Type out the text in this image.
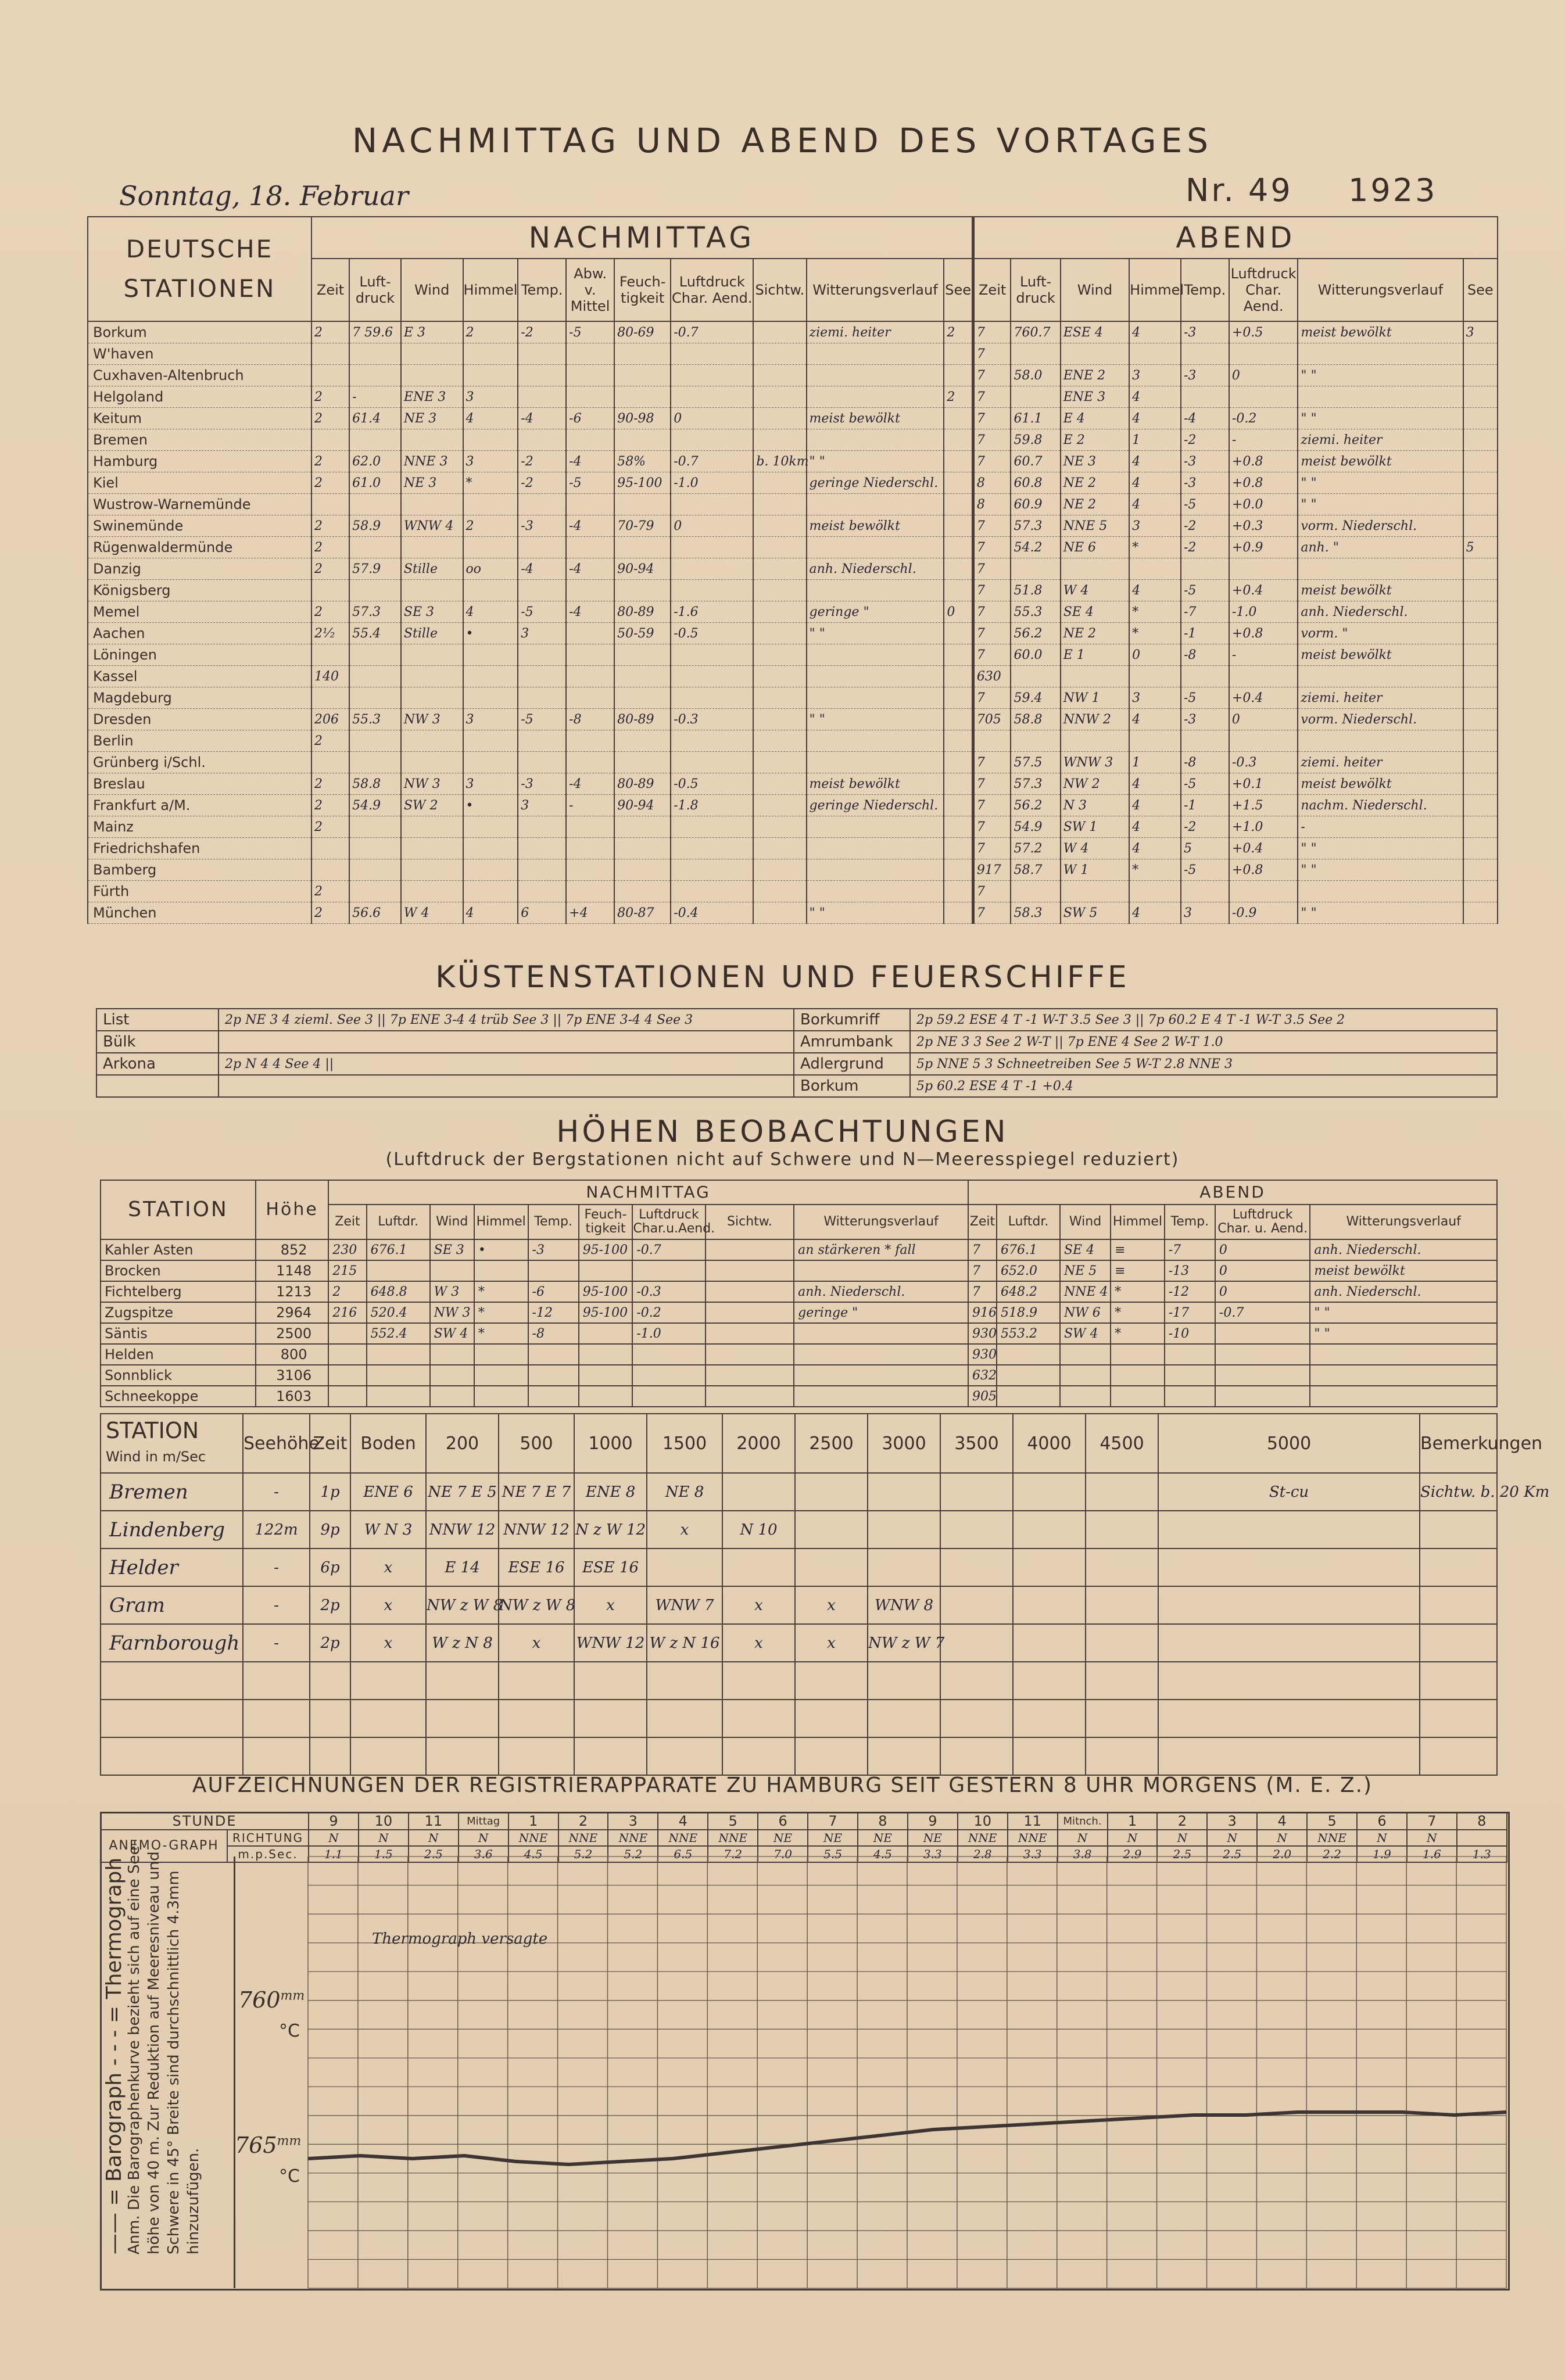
NACHMITTAG UND ABEND DES VORTAGES
Sonntag, 18. Februar	Nr. 49 1923
DEUTSCHE
STATIONEN	NACHMITTAG											ABEND							
	Zeit	Luft-druck	Wind	Himmel	Temp.	Abw. v. Mittel	Feuch-tigkeit	Luftdruck Char. Aend.	Sichtw.	Witterungsverlauf	See	Zeit	Luft-druck	Wind	Himmel	Temp.	Luftdruck Char. Aend.	Witterungsverlauf	See
Borkum	2	7 59.6	E 3	2	-2	-5	80-69	-0.7		ziemi. heiter	2	7	760.7	ESE 4	4	-3	+0.5	meist bewölkt	3
W'haven												7							
Cuxhaven-Altenbruch												7	58.0	ENE 2	3	-3	0	" "	
Helgoland	2	-	ENE 3	3							2	7		ENE 3	4				
Keitum	2	61.4	NE 3	4	-4	-6	90-98	0		meist bewölkt		7	61.1	E 4	4	-4	-0.2	" "	
Bremen												7	59.8	E 2	1	-2	-	ziemi. heiter	
Hamburg	2	62.0	NNE 3	3	-2	-4	58%	-0.7	b. 10km	" "		7	60.7	NE 3	4	-3	+0.8	meist bewölkt	
Kiel	2	61.0	NE 3	*	-2	-5	95-100	-1.0		geringe Niederschl.		8	60.8	NE 2	4	-3	+0.8	" "	
Wustrow-Warnemünde												8	60.9	NE 2	4	-5	+0.0	" "	
Swinemünde	2	58.9	WNW 4	2	-3	-4	70-79	0		meist bewölkt		7	57.3	NNE 5	3	-2	+0.3	vorm. Niederschl.	
Rügenwaldermünde	2											7	54.2	NE 6	*	-2	+0.9	anh. "	5
Danzig	2	57.9	Stille	oo	-4	-4	90-94			anh. Niederschl.		7							
Königsberg												7	51.8	W 4	4	-5	+0.4	meist bewölkt	
Memel	2	57.3	SE 3	4	-5	-4	80-89	-1.6		geringe "	0	7	55.3	SE 4	*	-7	-1.0	anh. Niederschl.	
Aachen	2¹⁄₂	55.4	Stille	•	3		50-59	-0.5		" "		7	56.2	NE 2	*	-1	+0.8	vorm. "	
Löningen												7	60.0	E 1	0	-8	-	meist bewölkt	
Kassel	140											630							
Magdeburg												7	59.4	NW 1	3	-5	+0.4	ziemi. heiter	
Dresden	206	55.3	NW 3	3	-5	-8	80-89	-0.3		" "		705	58.8	NNW 2	4	-3	0	vorm. Niederschl.	
Berlin	2																		
Grünberg i/Schl.												7	57.5	WNW 3	1	-8	-0.3	ziemi. heiter	
Breslau	2	58.8	NW 3	3	-3	-4	80-89	-0.5		meist bewölkt		7	57.3	NW 2	4	-5	+0.1	meist bewölkt	
Frankfurt a/M.	2	54.9	SW 2	•	3	-	90-94	-1.8		geringe Niederschl.		7	56.2	N 3	4	-1	+1.5	nachm. Niederschl.	
Mainz	2											7	54.9	SW 1	4	-2	+1.0	-	
Friedrichshafen												7	57.2	W 4	4	5	+0.4	" "	
Bamberg												917	58.7	W 1	*	-5	+0.8	" "	
Fürth	2											7							
München	2	56.6	W 4	4	6	+4	80-87	-0.4		" "		7	58.3	SW 5	4	3	-0.9	" "	
KÜSTENSTATIONEN UND FEUERSCHIFFE
List	2p NE 3 4 zieml. See 3 || 7p ENE 3-4 4 trüb See 3 || 7p ENE 3-4 4 See 3	Borkumriff	2p 59.2 ESE 4 T -1 W-T 3.5 See 3 || 7p 60.2 E 4 T -1 W-T 3.5 See 2
Bülk		Amrumbank	2p NE 3 3 See 2 W-T || 7p ENE 4 See 2 W-T 1.0
Arkona	2p N 4 4 See 4 ||	Adlergrund	5p NNE 5 3 Schneetreiben See 5 W-T 2.8 NNE 3
		Borkum	5p 60.2 ESE 4 T -1 +0.4
HÖHEN BEOBACHTUNGEN
(Luftdruck der Bergstationen nicht auf Schwere und N—Meeresspiegel reduziert)
STATION	Höhe	NACHMITTAG									ABEND						
		Zeit	Luftdr.	Wind	Himmel	Temp.	Feuch-tigkeit	Luftdruck Char.u.Aend.	Sichtw.	Witterungsverlauf	Zeit	Luftdr.	Wind	Himmel	Temp.	Luftdruck Char. u. Aend.	Witterungsverlauf
Kahler Asten	852	230	676.1	SE 3	•	-3	95-100	-0.7		an stärkeren * fall	7	676.1	SE 4	≡	-7	0	anh. Niederschl.
Brocken	1148	215									7	652.0	NE 5	≡	-13	0	meist bewölkt
Fichtelberg	1213	2	648.8	W 3	*	-6	95-100	-0.3		anh. Niederschl.	7	648.2	NNE 4	*	-12	0	anh. Niederschl.
Zugspitze	2964	216	520.4	NW 3	*	-12	95-100	-0.2		geringe "	916	518.9	NW 6	*	-17	-0.7	" "
Säntis	2500		552.4	SW 4	*	-8		-1.0			930	553.2	SW 4	*	-10		" "
Helden	800										930						
Sonnblick	3106										632						
Schneekoppe	1603										905						
STATION
Wind in m/Sec	Seehöhe	Zeit	Boden	200	500	1000	1500	2000	2500	3000	3500	4000	4500	5000	Bemerkungen
Bremen	-	1p	ENE 6	NE 7 E 5	NE 7 E 7	ENE 8	NE 8							St-cu	Sichtw. b. 20 Km
Lindenberg	122m	9p	W N 3	NNW 12	NNW 12	N z W 12	x	N 10							
Helder	-	6p	x	E 14	ESE 16	ESE 16									
Gram	-	2p	x	NW z W 8	NW z W 8	x	WNW 7	x	x	WNW 8					
Farnborough	-	2p	x	W z N 8	x	WNW 12	W z N 16	x	x	NW z W 7					

AUFZEICHNUNGEN DER REGISTRIERAPPARATE ZU HAMBURG SEIT GESTERN 8 UHR MORGENS (M. E. Z.)
STUNDE		9	10	11	Mittag	1	2	3	4	5	6	7	8	9	10	11	Mitnch.	1	2	3	4	5	6	7	8
ANEMO-GRAPH	RICHTUNG	N	N	N	N	NNE	NNE	NNE	NNE	NNE	NE	NE	NE	NE	NNE	NNE	N	N	N	N	N	NNE	N	N	
	m.p.Sec.	1.1	1.5	2.5	3.6	4.5	5.2	5.2	6.5	7.2	7.0	5.5	4.5	3.3	2.8	3.3	3.8	2.9	2.5	2.5	2.0	2.2	1.9	1.6	1.3
—— = Barograph - - - = Thermograph Anm. Die Barographenkurve bezieht sich auf eine See- höhe von 40 m. Zur Reduktion auf Meeresniveau und Schwere in 45° Breite sind durchschnittlich 4.3mm hinzuzufügen.
$760^{mm}$
°C
$765^{mm}$
°C
Thermograph versagte
